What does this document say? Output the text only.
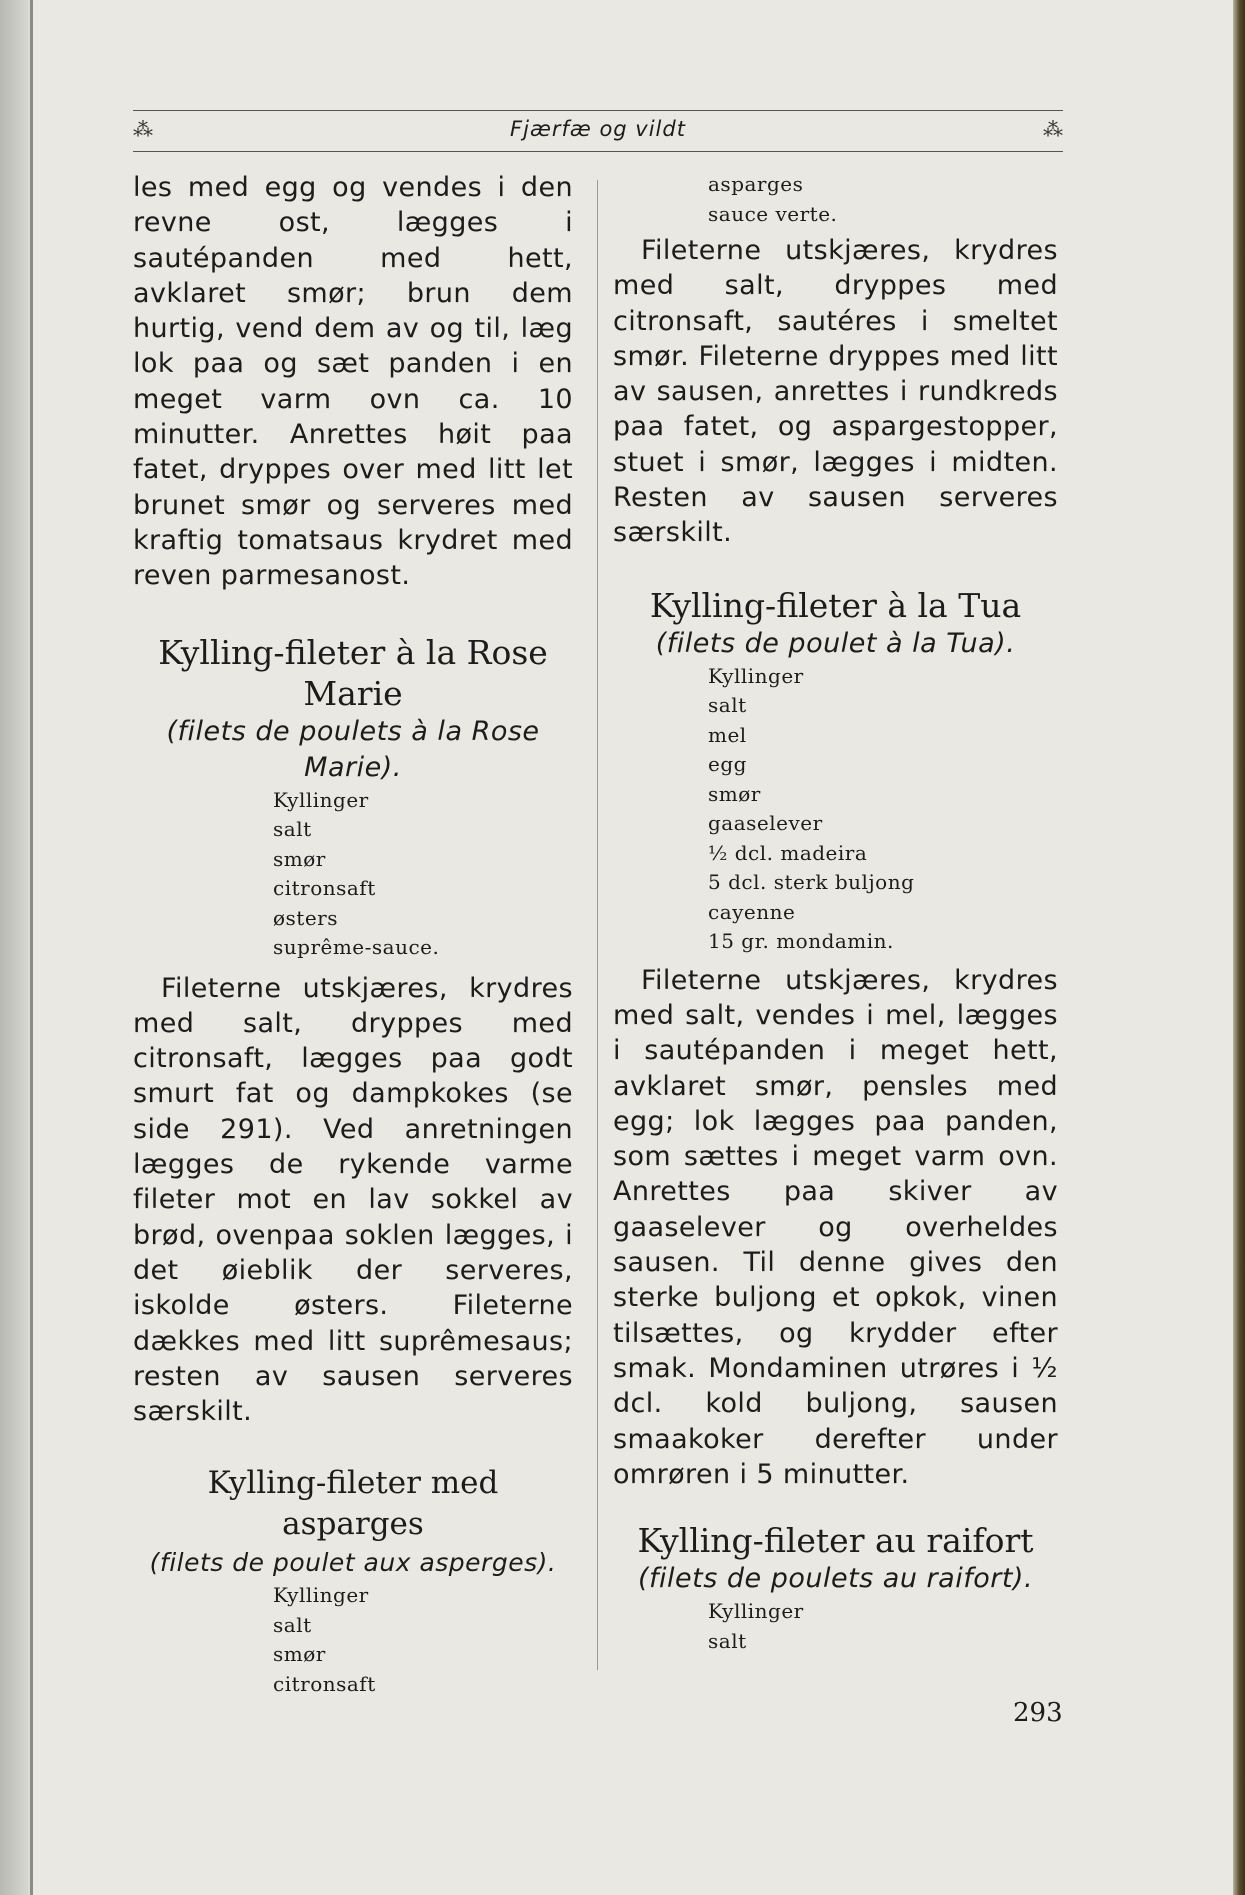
⁂	Fjærfæ og vildt	⁂

les med egg og vendes i den revne ost, lægges i sautépanden med hett, avklaret smør; brun dem hurtig, vend dem av og til, læg lok paa og sæt panden i en meget varm ovn ca. 10 minutter. Anrettes høit paa fatet, dryppes over med litt let brunet smør og serveres med kraftig tomatsaus krydret med reven parmesanost.

Kylling-fileter à la Rose Marie

(filets de poulets à la Rose Marie).

Kyllinger
salt
smør
citronsaft
østers
suprême-sauce.

Fileterne utskjæres, krydres med salt, dryppes med citronsaft, lægges paa godt smurt fat og dampkokes (se side 291). Ved anretningen lægges de rykende varme fileter mot en lav sokkel av brød, ovenpaa soklen lægges, i det øieblik der serveres, iskolde østers. Fileterne dækkes med litt suprêmesaus; resten av sausen serveres særskilt.

Kylling-fileter med asparges

(filets de poulet aux asperges).

Kyllinger
salt
smør
citronsaft
asparges
sauce verte.

Fileterne utskjæres, krydres med salt, dryppes med citronsaft, sautéres i smeltet smør. Fileterne dryppes med litt av sausen, anrettes i rundkreds paa fatet, og aspargestopper, stuet i smør, lægges i midten. Resten av sausen serveres særskilt.

Kylling-fileter à la Tua

(filets de poulet à la Tua).

Kyllinger
salt
mel
egg
smør
gaaselever
½ dcl. madeira
5 dcl. sterk buljong
cayenne
15 gr. mondamin.

Fileterne utskjæres, krydres med salt, vendes i mel, lægges i sautépanden i meget hett, avklaret smør, pensles med egg; lok lægges paa panden, som sættes i meget varm ovn. Anrettes paa skiver av gaaselever og overheldes sausen. Til denne gives den sterke buljong et opkok, vinen tilsættes, og krydder efter smak. Mondaminen utrøres i ½ dcl. kold buljong, sausen smaakoker derefter under omrøren i 5 minutter.

Kylling-fileter au raifort

(filets de poulets au raifort).

Kyllinger
salt
293
